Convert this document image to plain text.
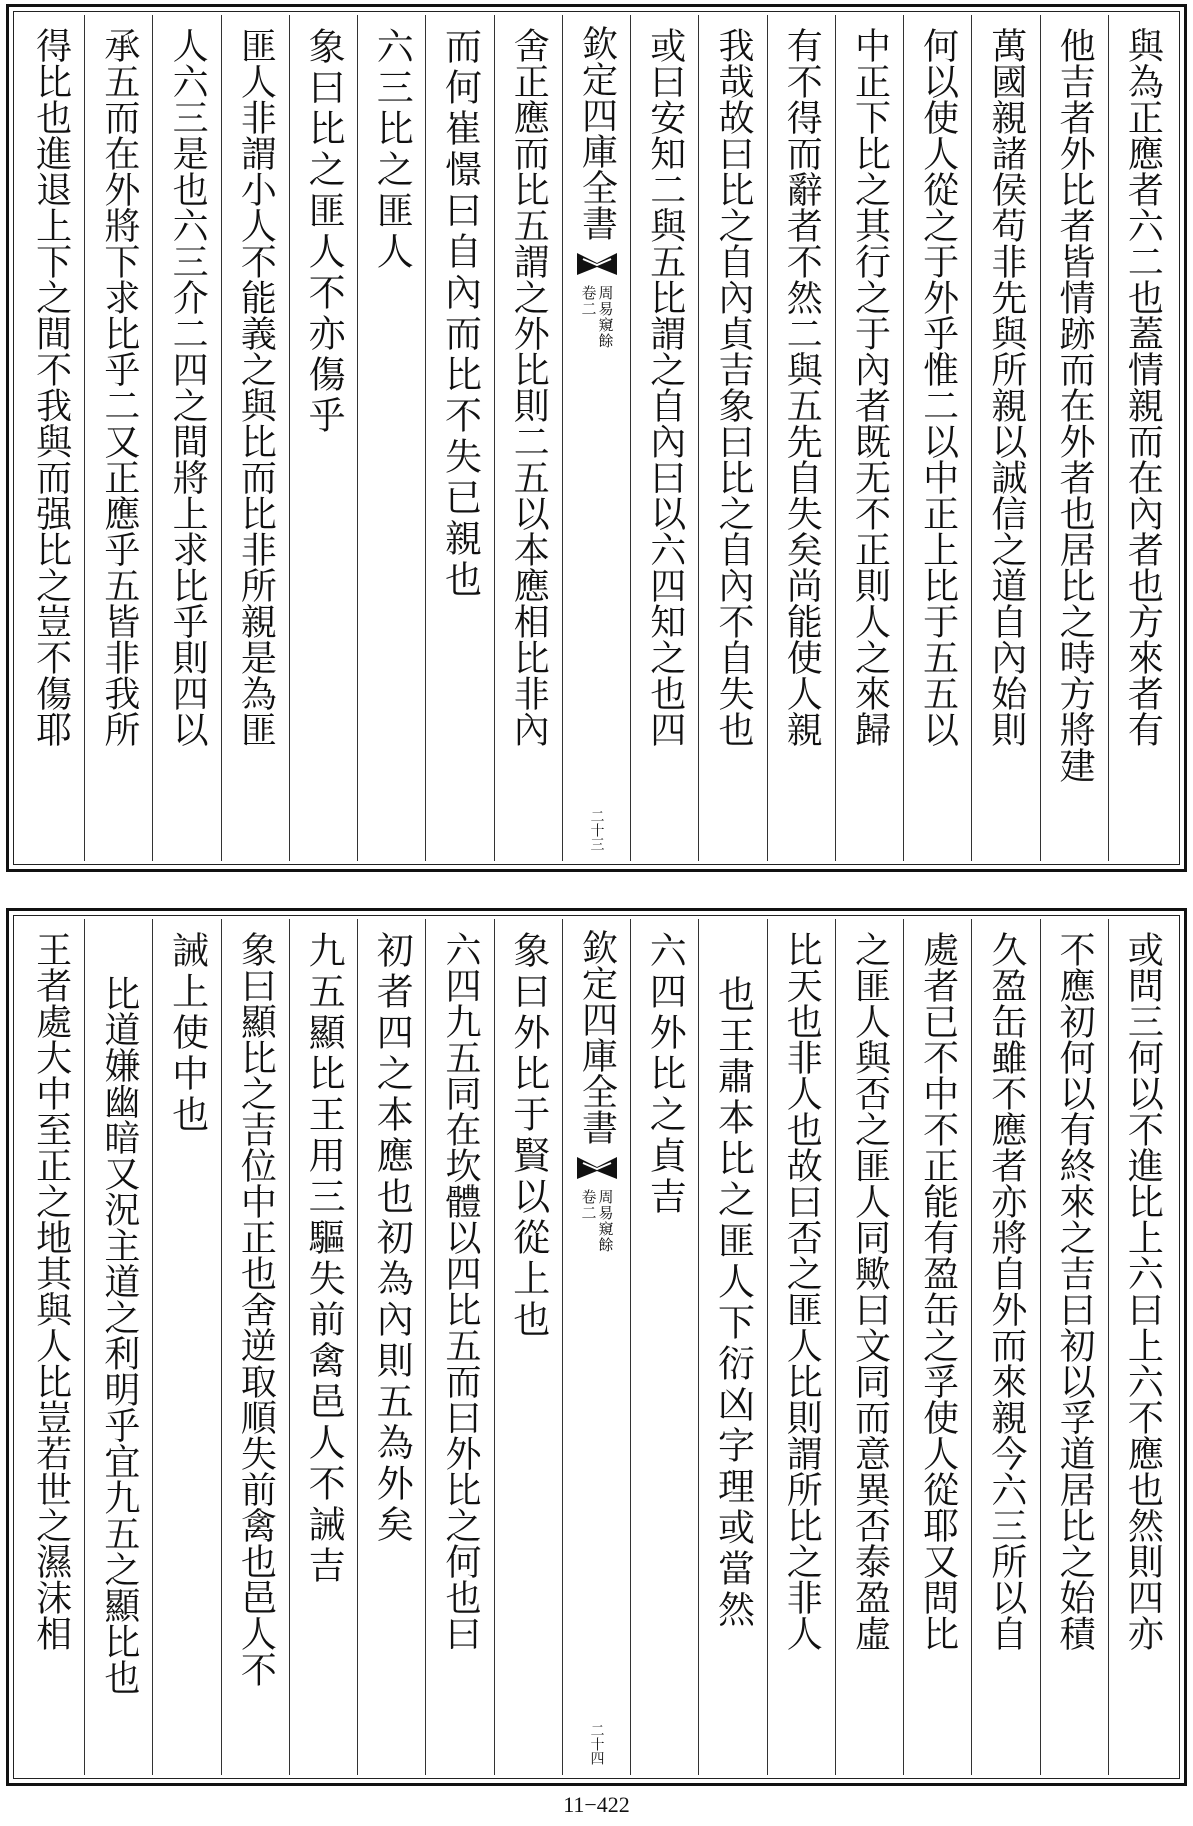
與為正應者六二也蓋情親而在內者也方來者有
他吉者外比者皆情跡而在外者也居比之時方將建
萬國親諸侯苟非先與所親以誠信之道自內始則
何以使人從之于外乎惟二以中正上比于五五以
中正下比之其行之于內者既无不正則人之來歸
有不得而辭者不然二與五先自失矣尚能使人親
我哉故曰比之自內貞吉象曰比之自內不自失也
或曰安知二與五比謂之自內曰以六四知之也四
欽定四庫全書
周易窺餘
卷二
二十三
舍正應而比五謂之外比則二五以本應相比非內
而何崔憬曰自內而比不失已親也
六三比之匪人
象曰比之匪人不亦傷乎
匪人非謂小人不能義之與比而比非所親是為匪
人六三是也六三介二四之間將上求比乎則四以
承五而在外將下求比乎二又正應乎五皆非我所
得比也進退上下之間不我與而强比之豈不傷耶
或問三何以不進比上六曰上六不應也然則四亦
不應初何以有終來之吉曰初以孚道居比之始積
久盈缶雖不應者亦將自外而來親今六三所以自
處者已不中不正能有盈缶之孚使人從耶又問比
之匪人與否之匪人同歟曰文同而意異否泰盈虛
比天也非人也故曰否之匪人比則謂所比之非人
也王肅本比之匪人下衍凶字理或當然
六四外比之貞吉
欽定四庫全書
周易窺餘
卷二
二十四
象曰外比于賢以從上也
六四九五同在坎體以四比五而曰外比之何也曰
初者四之本應也初為內則五為外矣
九五顯比王用三驅失前禽邑人不誡吉
象曰顯比之吉位中正也舍逆取順失前禽也邑人不
誡上使中也
比道嫌幽暗又況主道之利明乎宜九五之顯比也
王者處大中至正之地其與人比豈若世之濕沫相
11−422
